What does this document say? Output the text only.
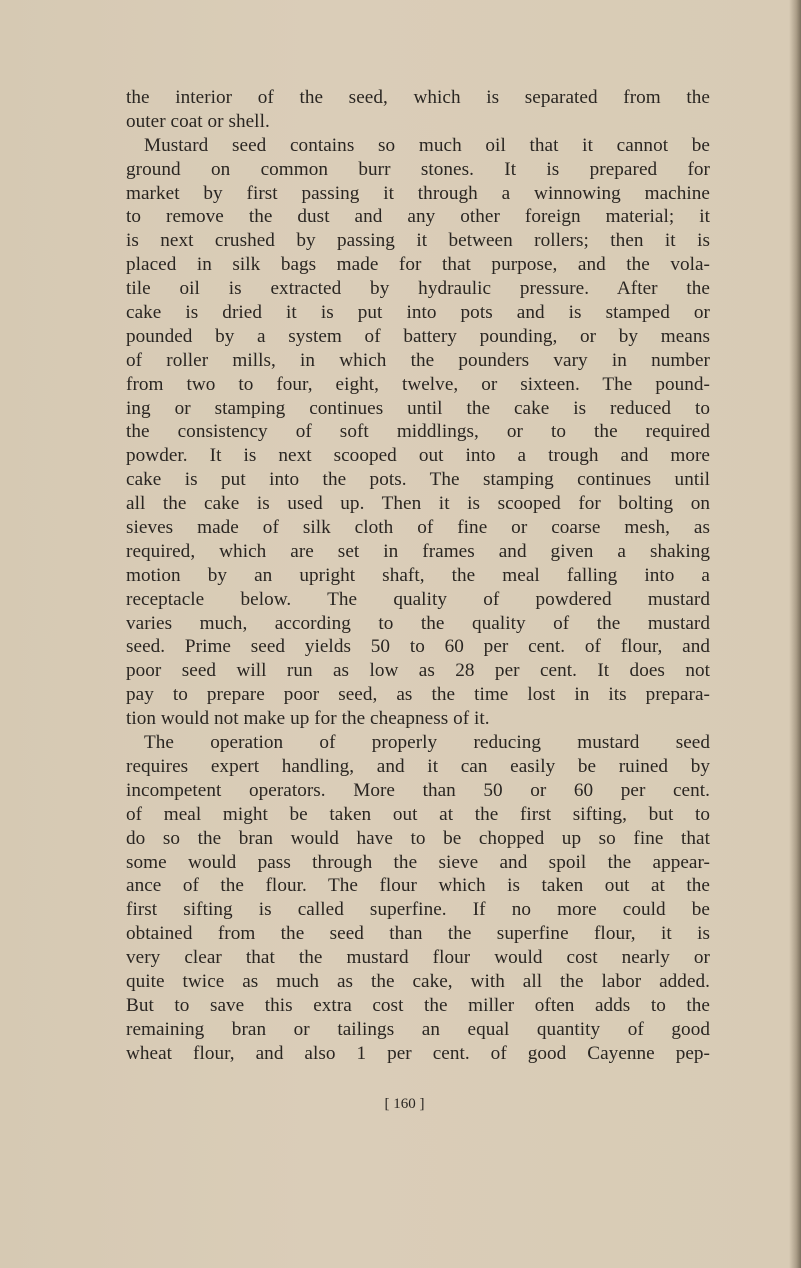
the interior of the seed, which is separated from the
outer coat or shell.
Mustard seed contains so much oil that it cannot be
ground on common burr stones. It is prepared for
market by first passing it through a winnowing machine
to remove the dust and any other foreign material; it
is next crushed by passing it between rollers; then it is
placed in silk bags made for that purpose, and the vola-
tile oil is extracted by hydraulic pressure. After the
cake is dried it is put into pots and is stamped or
pounded by a system of battery pounding, or by means
of roller mills, in which the pounders vary in number
from two to four, eight, twelve, or sixteen. The pound-
ing or stamping continues until the cake is reduced to
the consistency of soft middlings, or to the required
powder. It is next scooped out into a trough and more
cake is put into the pots. The stamping continues until
all the cake is used up. Then it is scooped for bolting on
sieves made of silk cloth of fine or coarse mesh, as
required, which are set in frames and given a shaking
motion by an upright shaft, the meal falling into a
receptacle below. The quality of powdered mustard
varies much, according to the quality of the mustard
seed. Prime seed yields 50 to 60 per cent. of flour, and
poor seed will run as low as 28 per cent. It does not
pay to prepare poor seed, as the time lost in its prepara-
tion would not make up for the cheapness of it.
The operation of properly reducing mustard seed
requires expert handling, and it can easily be ruined by
incompetent operators. More than 50 or 60 per cent.
of meal might be taken out at the first sifting, but to
do so the bran would have to be chopped up so fine that
some would pass through the sieve and spoil the appear-
ance of the flour. The flour which is taken out at the
first sifting is called superfine. If no more could be
obtained from the seed than the superfine flour, it is
very clear that the mustard flour would cost nearly or
quite twice as much as the cake, with all the labor added.
But to save this extra cost the miller often adds to the
remaining bran or tailings an equal quantity of good
wheat flour, and also 1 per cent. of good Cayenne pep-
[ 160 ]
